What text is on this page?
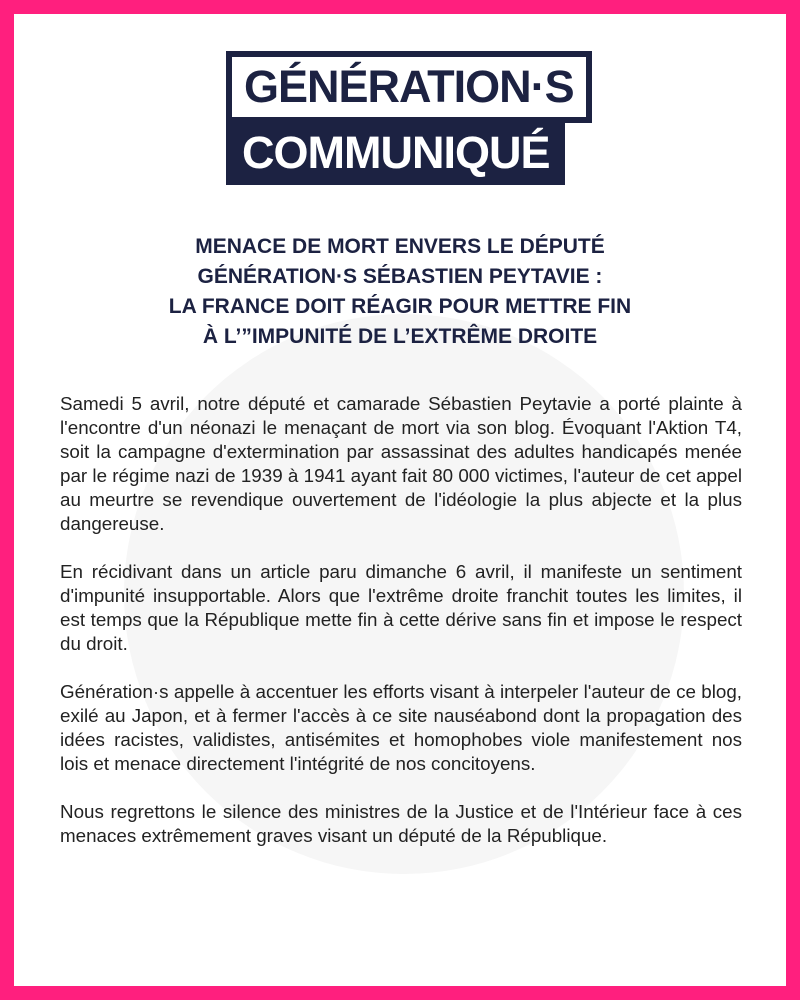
GÉNÉRATION·S
COMMUNIQUÉ
MENACE DE MORT ENVERS LE DÉPUTÉ
GÉNÉRATION·S SÉBASTIEN PEYTAVIE :
LA FRANCE DOIT RÉAGIR POUR METTRE FIN
À L’”IMPUNITÉ DE L’EXTRÊME DROITE

Samedi 5 avril, notre député et camarade Sébastien Peytavie a porté plainte à l'encontre d'un néonazi le menaçant de mort via son blog. Évoquant l'Aktion T4, soit la campagne d'extermination par assassinat des adultes handicapés menée par le régime nazi de 1939 à 1941 ayant fait 80 000 victimes, l'auteur de cet appel au meurtre se revendique ouvertement de l'idéologie la plus abjecte et la plus dangereuse.

En récidivant dans un article paru dimanche 6 avril, il manifeste un sentiment d'impunité insupportable. Alors que l'extrême droite franchit toutes les limites, il est temps que la République mette fin à cette dérive sans fin et impose le respect du droit.

Génération·s appelle à accentuer les efforts visant à interpeler l'auteur de ce blog, exilé au Japon, et à fermer l'accès à ce site nauséabond dont la propagation des idées racistes, validistes, antisémites et homophobes viole manifestement nos lois et menace directement l'intégrité de nos concitoyens.

Nous regrettons le silence des ministres de la Justice et de l'Intérieur face à ces menaces extrêmement graves visant un député de la République.
